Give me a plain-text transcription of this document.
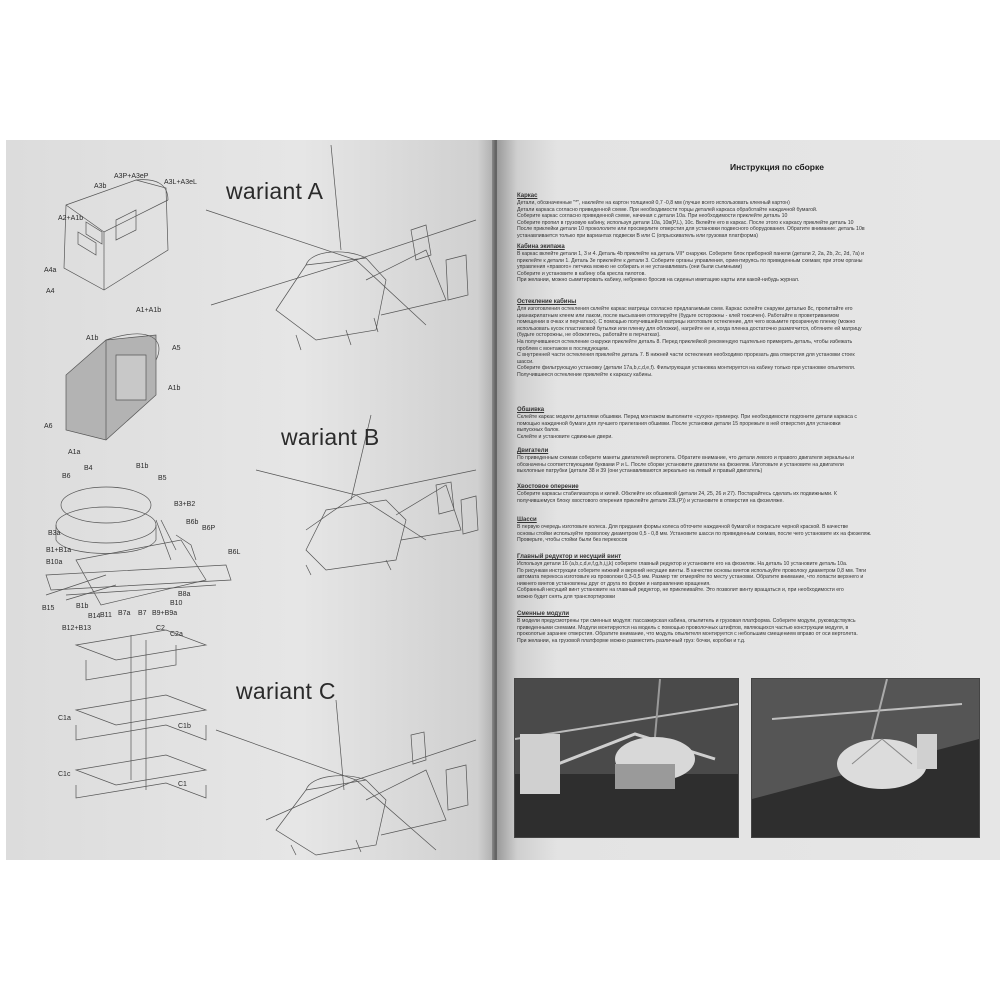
A3P+A3eP
A3b
A3L+A3eL
A2+A1b
A4a
A4
A1+A1b
A1b
A5
A1b
A6
A1a
B4	B1b
B6	B5
B3+B2
B6b
B6P
B3a
B1+B1a
B10a
B6L
B8a
B10
B15	B1b
B11 B7a B7 B9+B9a
B12+B13
B14
C2
C2a
C1a
C1b
C1c
C1
wariant A
wariant B
wariant C
Инструкция по сборке
Каркас
Детали, обозначенные "*", наклейте на картон толщиной 0,7 -0,8 мм (лучше всего использовать клееный картон)
Детали каркаса согласно приведенной схеме. При необходимости торцы деталей каркаса обработайте наждачной бумагой.
Соберите каркас согласно приведенной схеме, начиная с детали 10a. При необходимости приклейте деталь 10
Соберите пропил в грузовую кабину, используя детали 10a, 10в(P,L), 10c. Вклейте его в каркас. После этого к каркасу приклейте деталь 10
После приклейки детали 10 прокололите или просверлите отверстия для установки подвесного оборудования. Обратите внимание: деталь 10в
устанавливается только при вариантах подвески B или C (опрыскиватель или грузовая платформа)
Кабина экипажа
В каркас вклейте детали 1, 3 и 4. Деталь 4b приклейте на деталь VII* снаружи. Соберите блок приборной панели (детали 2, 2a, 2b, 2c, 2d, 7a) и
приклейте к детали 1. Деталь 3e приклейте к детали 3. Соберите органы управления, ориентируясь по приведенным схемам; при этом органы
управления «правого» летчика можно не собирать и не устанавливать (они были съемными)
Соберите и установите в кабину оба кресла пилотов.
При желании, можно сымитировать кабину, небрежно бросив на сиденья имитацию карты или какой-нибудь журнал.
Остекление кабины
Для изготовления остекления склейте каркас матрицы согласно предлагаемым схем. Каркас склейте снаружи деталью 8c, пропитайте его
цианакрилатным клеем или лаком, после высыхания отполируйте (будьте осторожны - клей токсичен). Работайте в проветриваемом
помещении в очках и перчатках). С помощью получившейся матрицы изготовьте остекление, для чего возьмите прозрачную пленку (можно
использовать кусок пластиковой бутылки или пленку для обложки), нагрейте ее и, когда пленка достаточно размягчится, обтяните ей матрицу
(будьте осторожны, не обожгитесь, работайте в перчатках).
На получившееся остекление снаружи приклейте деталь 8. Перед приклейкой рекомендую тщательно примерить деталь, чтобы избежать
проблем с монтажом в последующем.
С внутренней части остекления приклейте деталь 7. В нижней части остекления необходимо прорезать два отверстия для установки стоек
шасси.
Соберите фильтрующую установку (детали 17a,b,c,d,e,f). Фильтрующая установка монтируется на кабину только при установке опылителя.
Получившееся остекление приклейте к каркасу кабины.
Обшивка
Склейте каркас модели деталями обшивки. Перед монтажом выполните «сухую» примерку. При необходимости подгоните детали каркаса с
помощью наждачной бумаги для лучшего прилегания обшивки. После установки детали 15 прорежьте в ней отверстия для установки
выпускных балок.
Склейте и установите сдвижные двери.
Двигатели
По приведенным схемам соберите макеты двигателей вертолета. Обратите внимание, что детали левого и правого двигателя зеркальны и
обозначены соответствующими буквами P и L. После сборки установите двигатели на фюзеляж. Изготовьте и установите на двигатели
выхлопные патрубки (детали 38 и 39 (они устанавливаются зеркально на левый и правый двигатель)
Хвостовое оперение
Соберите каркасы стабилизатора и килей. Обклейте их обшивкой (детали 24, 25, 26 и 27). Постарайтесь сделать их подвижными. К
получившемуся блоку хвостового оперения приклейте детали 23L(P)) и установите в отверстия на фюзеляже.
Шасси
В первую очередь изготовьте колеса. Для придания формы колеса обточите наждачной бумагой и покрасьте черной краской. В качестве
основы стойки используйте проволоку диаметром 0,5 - 0,8 мм. Установите шасси по приведенным схемам, после чего установите их на фюзеляж.
Проверьте, чтобы стойки были без перекосов
Главный редуктор и несущий винт
Используя детали 16 (a,b,c,d,e,f,g,h,i,j,k) соберите главный редуктор и установите его на фюзеляж. На деталь 10 установите деталь 10a.
По рисункам инструкции соберите нижний и верхний несущие винты. В качестве основы винтов используйте проволоку диаметром 0,8 мм. Тяги
автомата перекоса изготовьте из проволоки 0,3-0,5 мм. Размер тяг отмеряйте по месту установки. Обратите внимание, что лопасти верхнего и
нижнего винтов установлены друг от друга по форме и направлению вращения.
Собранный несущий винт установите на главный редуктор, не приклеивайте. Это позволит винту вращаться и, при необходимости его
можно будет снять для транспортировки
Сменные модули
В модели предусмотрены три сменных модуля: пассажирская кабина, опылитель и грузовая платформа. Соберите модули, руководствуясь
приведенными схемами. Модули монтируются на модель с помощью проволочных штифтов, являющихся частью конструкции модуля, в
проколотые заранее отверстия. Обратите внимание, что модуль опылителя монтируется с небольшим смещением вправо от оси вертолета.
При желании, на грузовой платформе можно разместить различный груз: бочки, коробки и т.д.
